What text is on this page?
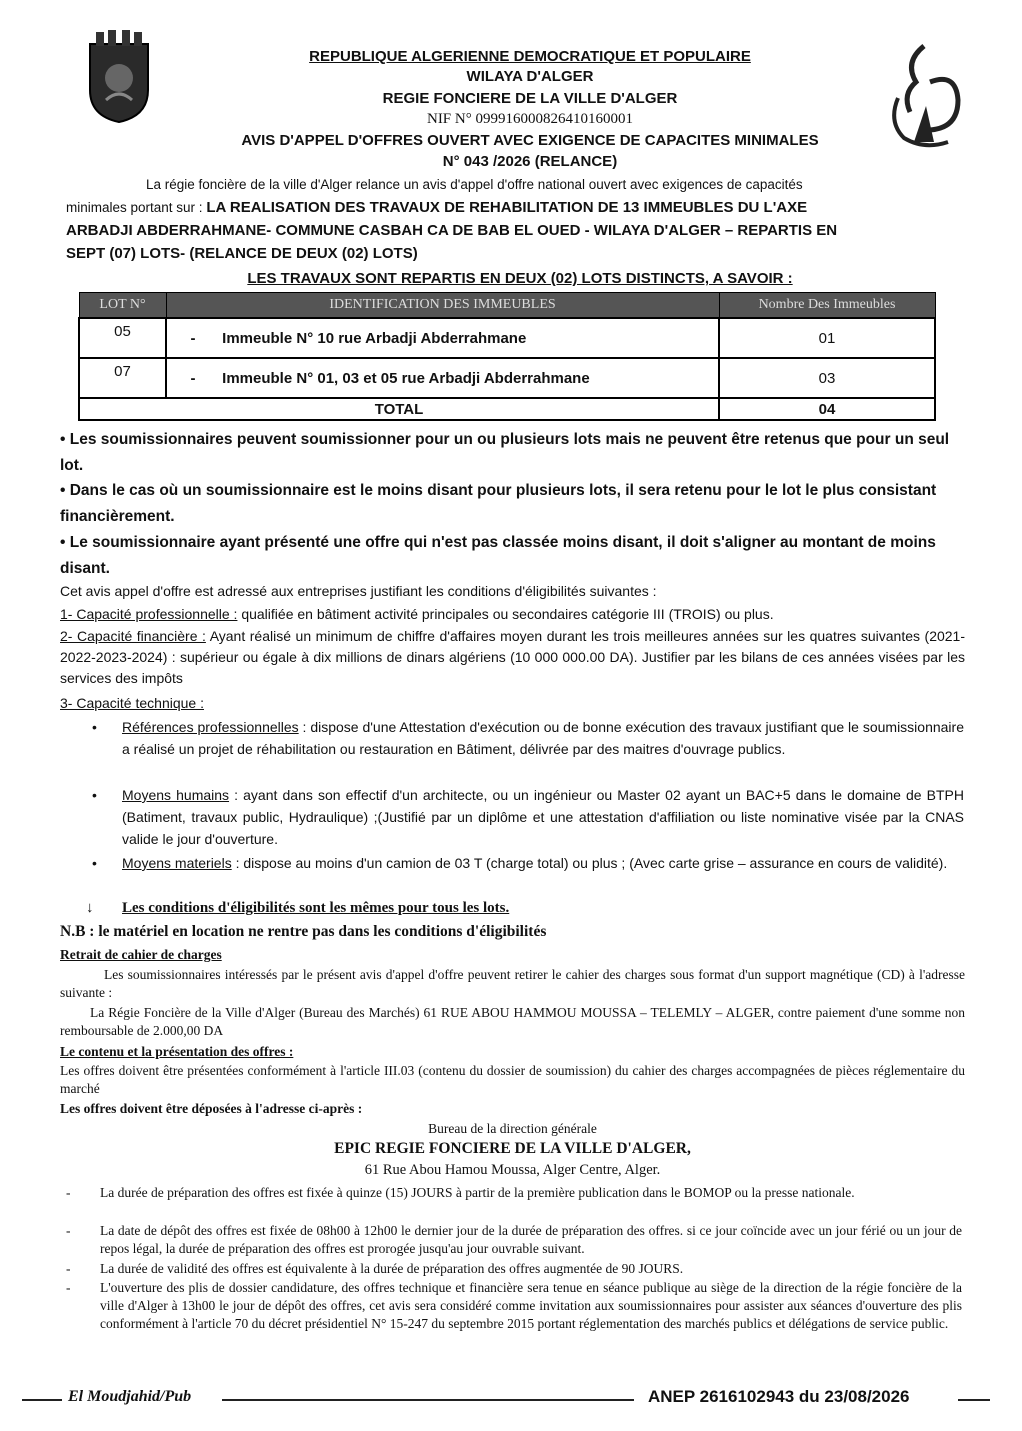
REPUBLIQUE ALGERIENNE DEMOCRATIQUE ET POPULAIRE
WILAYA D'ALGER
REGIE FONCIERE DE LA VILLE D'ALGER
NIF N° 099916000826410160001
AVIS D'APPEL D'OFFRES OUVERT AVEC EXIGENCE DE CAPACITES MINIMALES
N° 043 /2026 (RELANCE)
La régie foncière de la ville d'Alger relance un avis d'appel d'offre national ouvert avec exigences de capacités
minimales portant sur : LA REALISATION DES TRAVAUX DE REHABILITATION DE 13 IMMEUBLES DU L'AXE
ARBADJI ABDERRAHMANE- COMMUNE CASBAH CA DE BAB EL OUED - WILAYA D'ALGER – REPARTIS EN
SEPT (07) LOTS- (RELANCE DE DEUX (02) LOTS)
LES TRAVAUX SONT REPARTIS EN DEUX (02) LOTS DISTINCTS, A SAVOIR :
LOT N°	IDENTIFICATION DES IMMEUBLES	Nombre Des Immeubles
05	- Immeuble N° 10 rue Arbadji Abderrahmane	01
07	- Immeuble N° 01, 03 et 05 rue Arbadji Abderrahmane	03
TOTAL		04
• Les soumissionnaires peuvent soumissionner pour un ou plusieurs lots mais ne peuvent être retenus que pour un seul lot.
• Dans le cas où un soumissionnaire est le moins disant pour plusieurs lots, il sera retenu pour le lot le plus consistant financièrement.
• Le soumissionnaire ayant présenté une offre qui n'est pas classée moins disant, il doit s'aligner au montant de moins disant.
Cet avis appel d'offre est adressé aux entreprises justifiant les conditions d'éligibilités suivantes :
1- Capacité professionnelle : qualifiée en bâtiment activité principales ou secondaires catégorie III (TROIS) ou plus.
2- Capacité financière : Ayant réalisé un minimum de chiffre d'affaires moyen durant les trois meilleures années sur les quatres suivantes (2021-2022-2023-2024) : supérieur ou égale à dix millions de dinars algériens (10 000 000.00 DA). Justifier par les bilans de ces années visées par les services des impôts
3- Capacité technique :
• Références professionnelles : dispose d'une Attestation d'exécution ou de bonne exécution des travaux justifiant que le soumissionnaire a réalisé un projet de réhabilitation ou restauration en Bâtiment, délivrée par des maitres d'ouvrage publics.
• Moyens humains : ayant dans son effectif d'un architecte, ou un ingénieur ou Master 02 ayant un BAC+5 dans le domaine de BTPH (Batiment, travaux public, Hydraulique) ;(Justifié par un diplôme et une attestation d'affiliation ou liste nominative visée par la CNAS valide le jour d'ouverture.
• Moyens materiels : dispose au moins d'un camion de 03 T (charge total) ou plus ; (Avec carte grise – assurance en cours de validité).
↓ Les conditions d'éligibilités sont les mêmes pour tous les lots.
N.B : le matériel en location ne rentre pas dans les conditions d'éligibilités
Retrait de cahier de charges
Les soumissionnaires intéressés par le présent avis d'appel d'offre peuvent retirer le cahier des charges sous format d'un support magnétique (CD) à l'adresse suivante :
La Régie Foncière de la Ville d'Alger (Bureau des Marchés) 61 RUE ABOU HAMMOU MOUSSA – TELEMLY – ALGER, contre paiement d'une somme non remboursable de 2.000,00 DA
Le contenu et la présentation des offres :
Les offres doivent être présentées conformément à l'article III.03 (contenu du dossier de soumission) du cahier des charges accompagnées de pièces réglementaire du marché
Les offres doivent être déposées à l'adresse ci-après :
Bureau de la direction générale
EPIC REGIE FONCIERE DE LA VILLE D'ALGER,
61 Rue Abou Hamou Moussa, Alger Centre, Alger.
- La durée de préparation des offres est fixée à quinze (15) JOURS à partir de la première publication dans le BOMOP ou la presse nationale.
- La date de dépôt des offres est fixée de 08h00 à 12h00 le dernier jour de la durée de préparation des offres. si ce jour coïncide avec un jour férié ou un jour de repos légal, la durée de préparation des offres est prorogée jusqu'au jour ouvrable suivant.
- La durée de validité des offres est équivalente à la durée de préparation des offres augmentée de 90 JOURS.
- L'ouverture des plis de dossier candidature, des offres technique et financière sera tenue en séance publique au siège de la direction de la régie foncière de la ville d'Alger à 13h00 le jour de dépôt des offres, cet avis sera considéré comme invitation aux soumissionnaires pour assister aux séances d'ouverture des plis conformément à l'article 70 du décret présidentiel N° 15-247 du septembre 2015 portant réglementation des marchés publics et délégations de service public.
El Moudjahid/Pub	ANEP 2616102943 du 23/08/2026
